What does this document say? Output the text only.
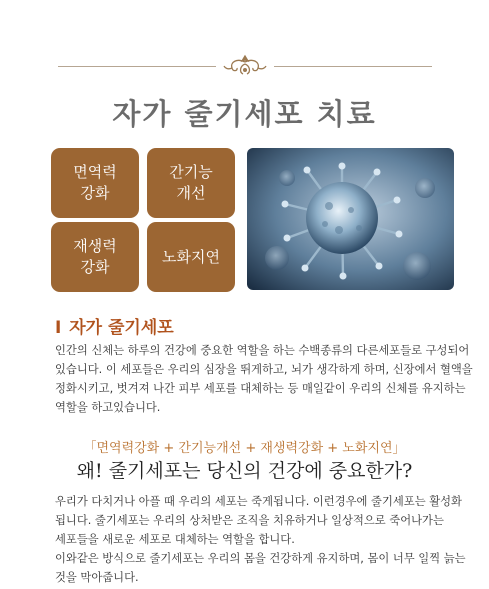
자가 줄기세포 치료
면역력
강화
간기능
개선
재생력
강화
노화지연
I 자가 줄기세포
인간의 신체는 하루의 건강에 중요한 역할을 하는 수백종류의 다른세포들로 구성되어
있습니다. 이 세포들은 우리의 심장을 뛰게하고, 뇌가 생각하게 하며, 신장에서 혈액을
정화시키고, 벗겨져 나간 피부 세포를 대체하는 등 매일같이 우리의 신체를 유지하는
역할을 하고있습니다.
「면역력강화 + 간기능개선 + 재생력강화 + 노화지연」
왜! 줄기세포는 당신의 건강에 중요한가?
우리가 다치거나 아플 때 우리의 세포는 죽게됩니다. 이런경우에 줄기세포는 활성화
됩니다. 줄기세포는 우리의 상처받은 조직을 치유하거나 일상적으로 죽어나가는
세포들을 새로운 세포로 대체하는 역할을 합니다.
이와같은 방식으로 줄기세포는 우리의 몸을 건강하게 유지하며, 몸이 너무 일찍 늙는
것을 막아줍니다.
